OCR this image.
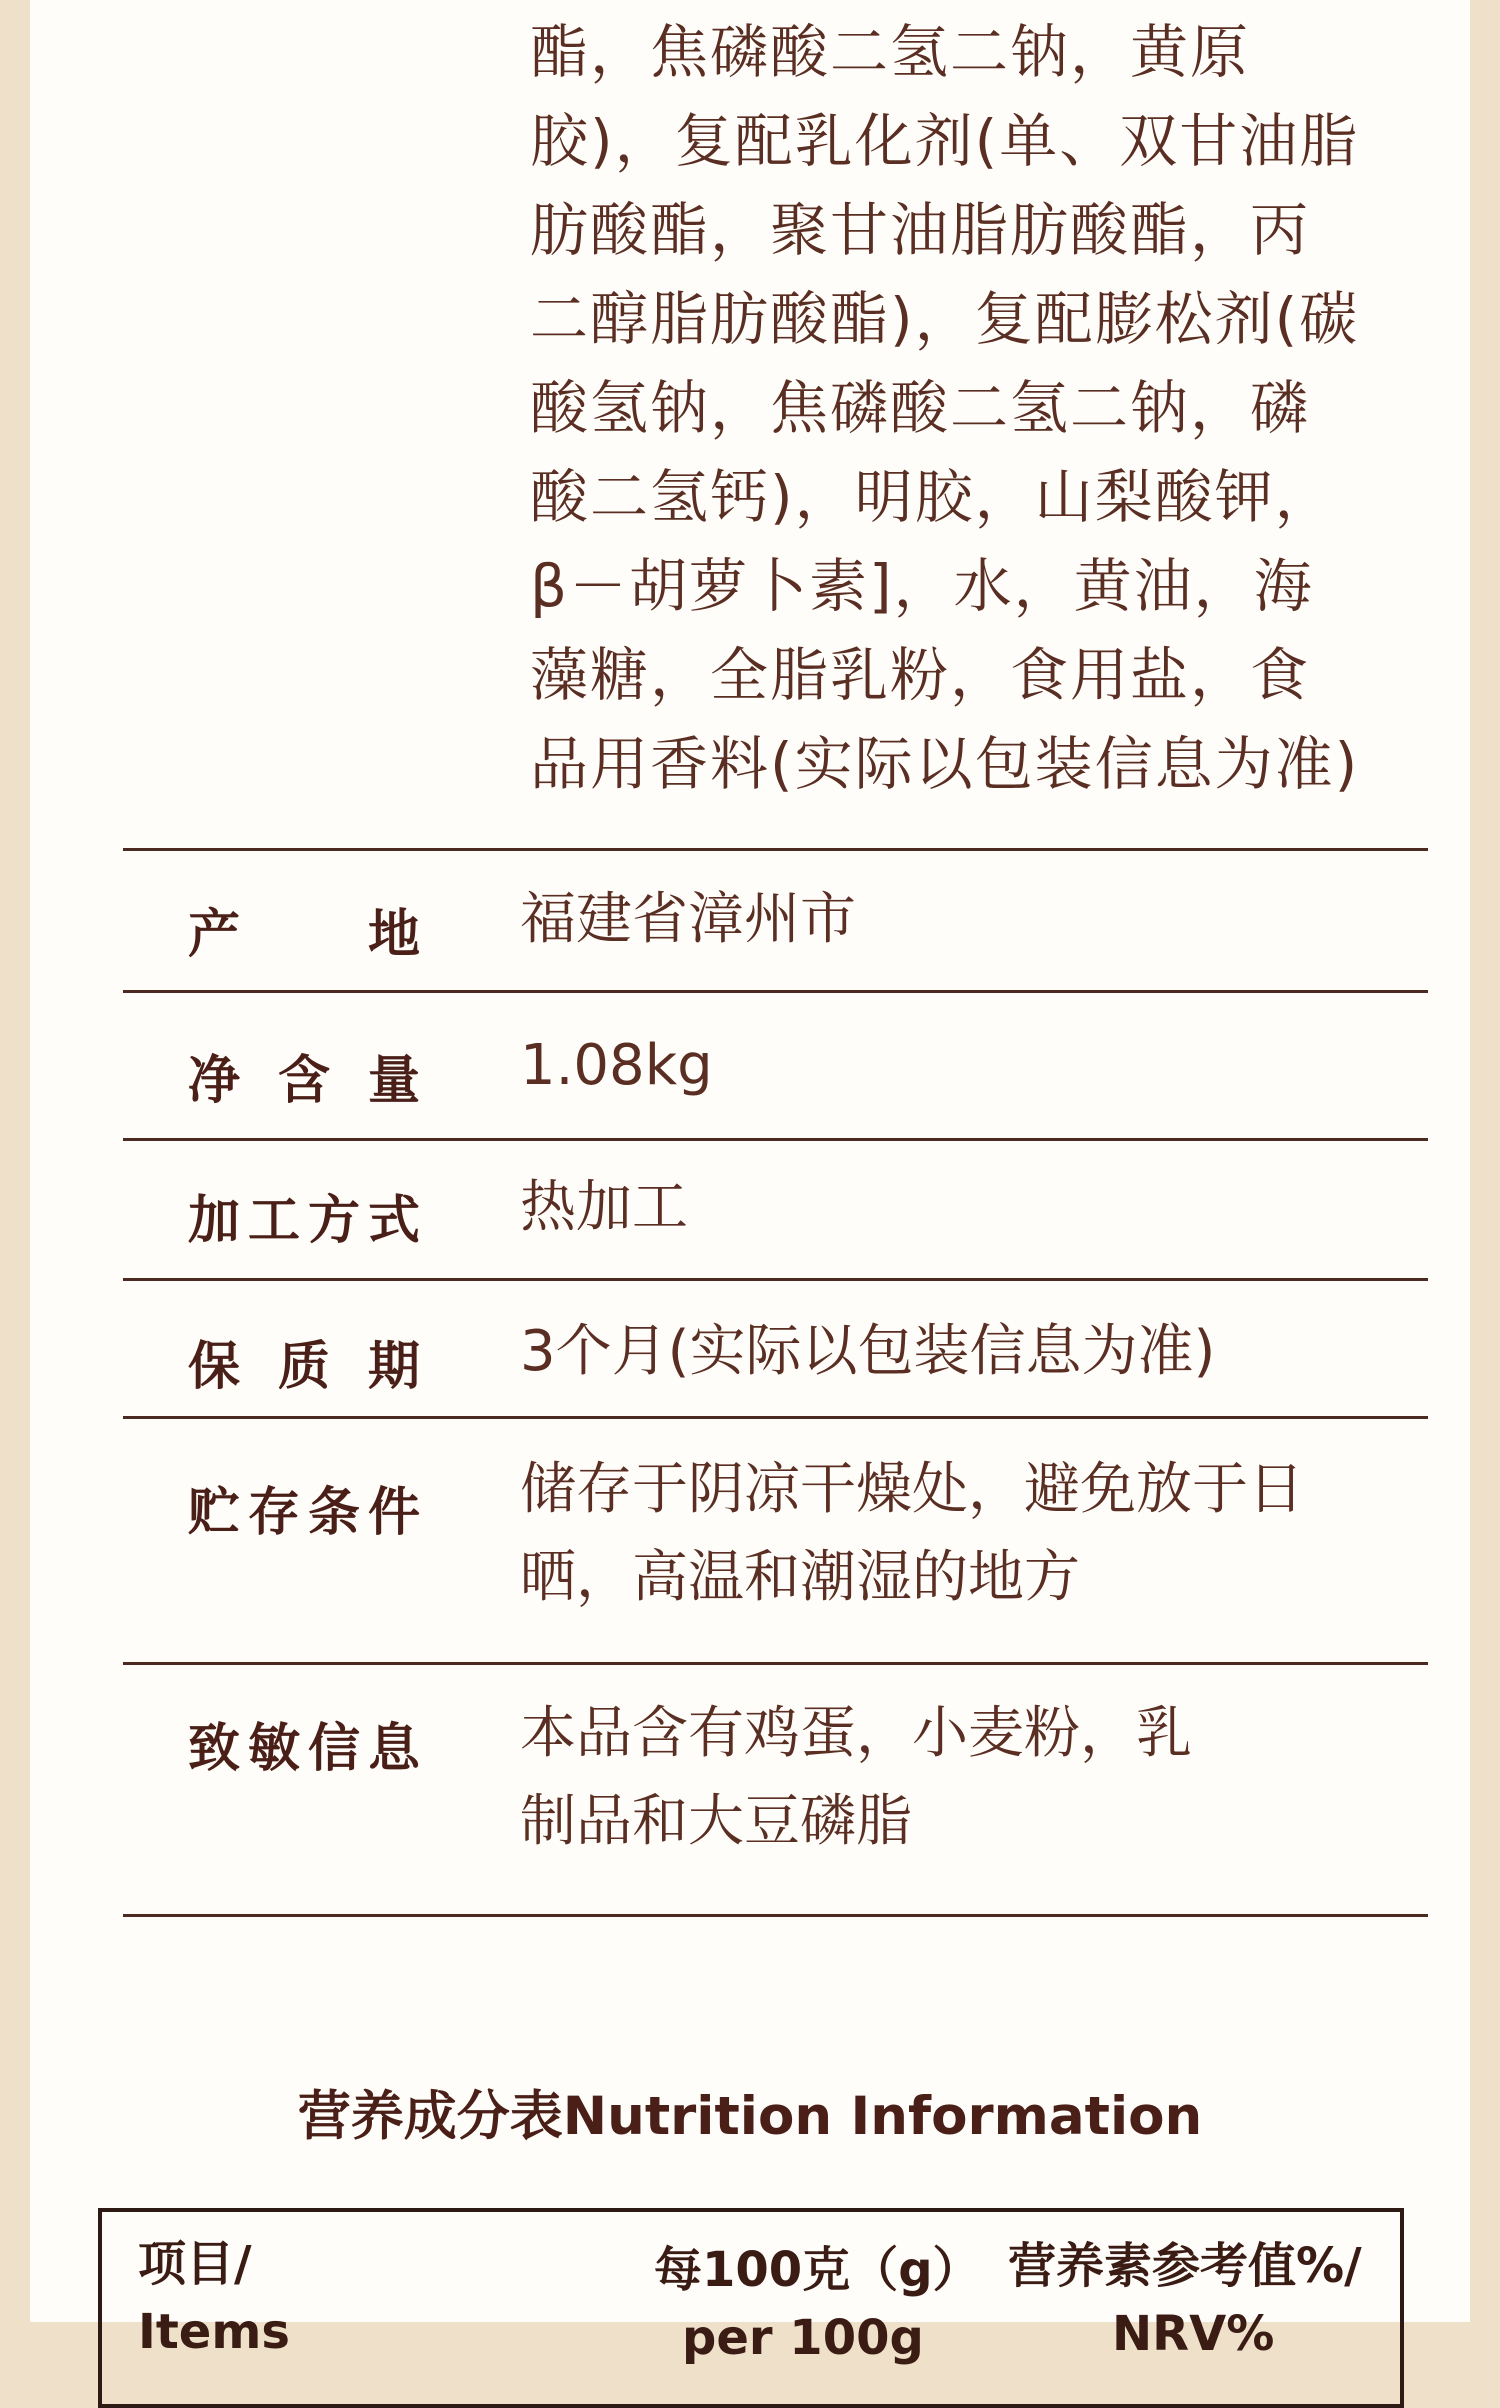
酯，焦磷酸二氢二钠，黄原
胶)，复配乳化剂(单、双甘油脂
肪酸酯，聚甘油脂肪酸酯，丙
二醇脂肪酸酯)，复配膨松剂(碳
酸氢钠，焦磷酸二氢二钠，磷
酸二氢钙)，明胶，山梨酸钾，
β－胡萝卜素]，水，黄油，海
藻糖，全脂乳粉，食用盐，食
品用香料(实际以包装信息为准)
产 地 福建省漳州市
净 含 量 1.08kg
加 工 方 式 热加工
保 质 期 3个月(实际以包装信息为准)
贮 存 条 件 储存于阴凉干燥处，避免放于日
晒，高温和潮湿的地方
致 敏 信 息 本品含有鸡蛋，小麦粉，乳
制品和大豆磷脂
营养成分表Nutrition Information
项目/
Items
每100克（g）
per 100g
营养素参考值%/
NRV%
